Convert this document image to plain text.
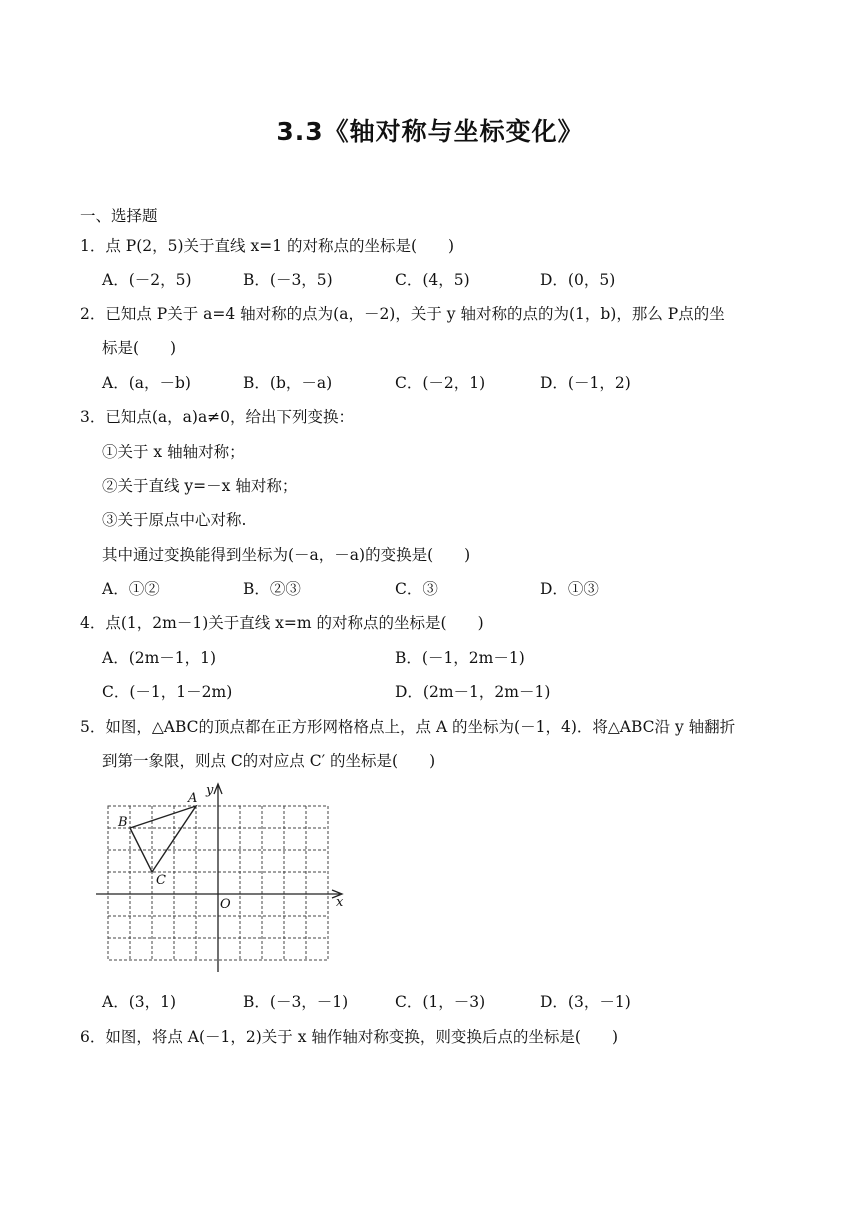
3.3《轴对称与坐标变化》
一、选择题
1．点 P(2，5)关于直线 x=1 的对称点的坐标是(　　)
A．(－2，5)	B．(－3，5)	C．(4，5)	D．(0，5)
2．已知点 P关于 a=4 轴对称的点为(a，－2)，关于 y 轴对称的点的为(1，b)，那么 P点的坐
标是(　　)
A．(a，－b)	B．(b，－a)	C．(－2，1)	D．(－1，2)
3．已知点(a，a)a≠0，给出下列变换：
①关于 x 轴轴对称；
②关于直线 y=－x 轴对称；
③关于原点中心对称.
其中通过变换能得到坐标为(－a，－a)的变换是(　　)
A．①②	B．②③	C．③	D．①③
4．点(1，2m－1)关于直线 x=m 的对称点的坐标是(　　)
A．(2m－1，1)	B．(－1，2m－1)
C．(－1，1－2m)	D．(2m－1，2m－1)
5．如图，△ABC的顶点都在正方形网格格点上，点 A 的坐标为(－1，4)．将△ABC沿 y 轴翻折
到第一象限，则点 C的对应点 C′ 的坐标是(　　)
A
B
C
O	x
y
A．(3，1)	B．(－3，－1)	C．(1，－3)	D．(3，－1)
6．如图，将点 A(－1，2)关于 x 轴作轴对称变换，则变换后点的坐标是(　　)
